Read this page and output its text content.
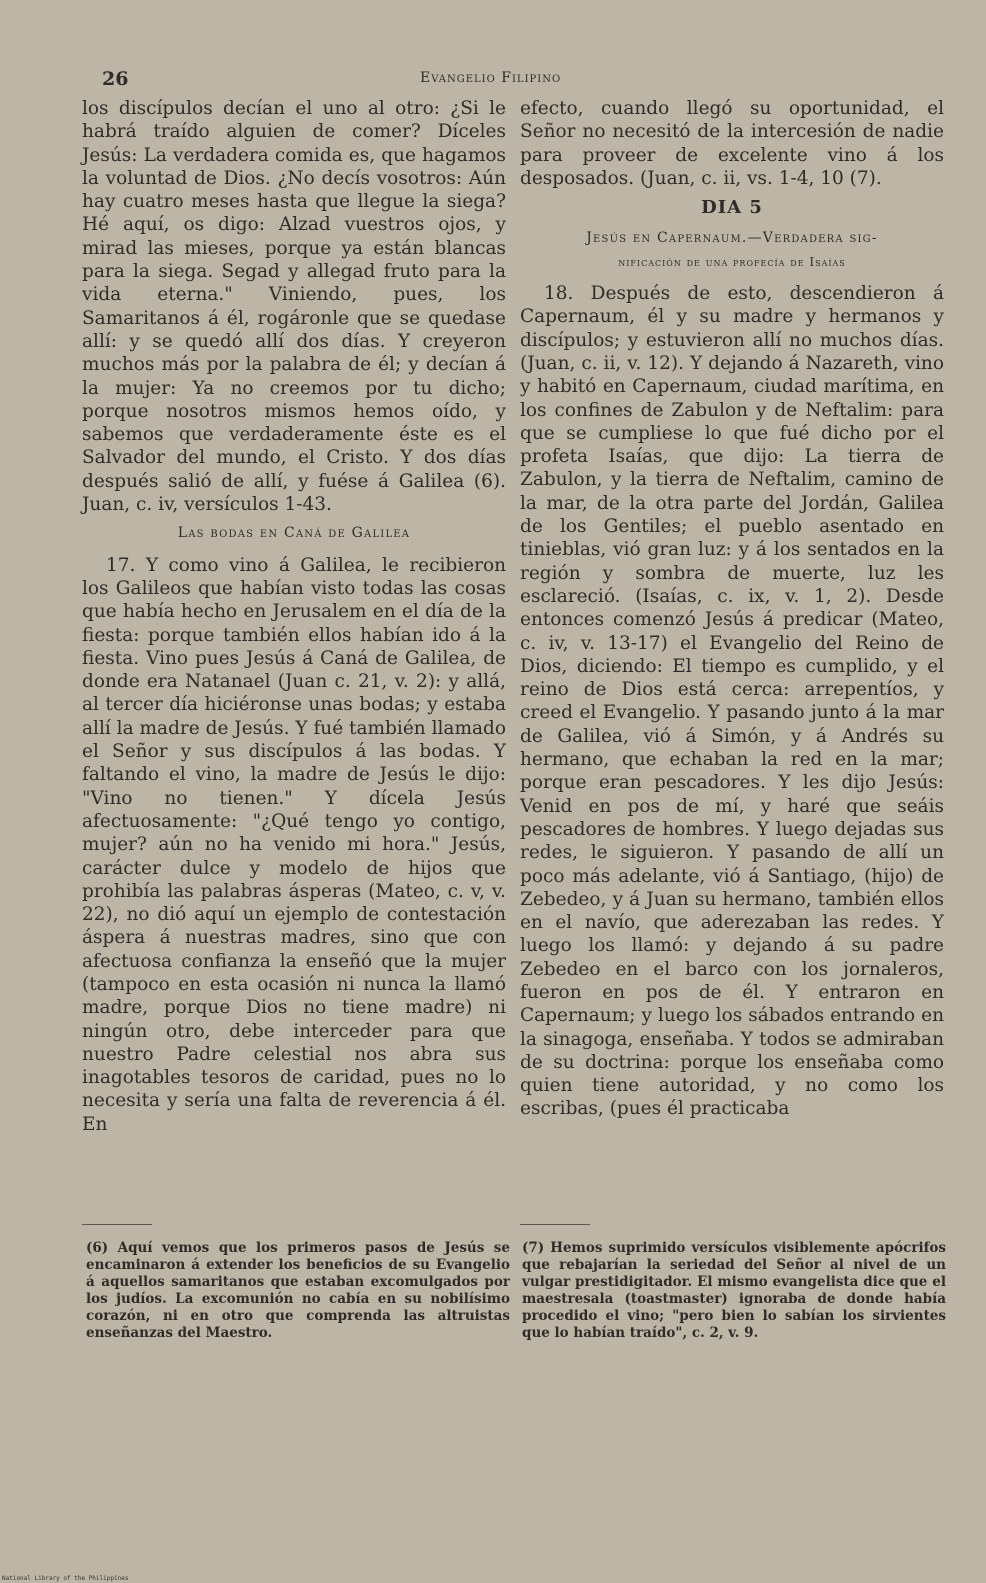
26	Evangelio Filipino

los discípulos decían el uno al otro: ¿Si le habrá traído alguien de comer? Díceles Jesús: La verdadera comida es, que hagamos la voluntad de Dios. ¿No decís vosotros: Aún hay cuatro meses hasta que llegue la siega? Hé aquí, os digo: Alzad vuestros ojos, y mirad las mieses, porque ya están blancas para la siega. Segad y allegad fruto para la vida eterna." Viniendo, pues, los Samaritanos á él, rogáronle que se quedase allí: y se quedó allí dos días. Y creyeron muchos más por la palabra de él; y decían á la mujer: Ya no creemos por tu dicho; porque nosotros mismos hemos oído, y sabemos que verdaderamente éste es el Salvador del mundo, el Cristo. Y dos días después salió de allí, y fuése á Galilea (6). Juan, c. iv, versículos 1-43.

Las bodas en Caná de Galilea

17. Y como vino á Galilea, le recibieron los Galileos que habían visto todas las cosas que había hecho en Jerusalem en el día de la fiesta: porque también ellos habían ido á la fiesta. Vino pues Jesús á Caná de Galilea, de donde era Natanael (Juan c. 21, v. 2): y allá, al tercer día hiciéronse unas bodas; y estaba allí la madre de Jesús. Y fué también llamado el Señor y sus discípulos á las bodas. Y faltando el vino, la madre de Jesús le dijo: "Vino no tienen." Y dícela Jesús afectuosamente: "¿Qué tengo yo contigo, mujer? aún no ha venido mi hora." Jesús, carácter dulce y modelo de hijos que prohibía las palabras ásperas (Mateo, c. v, v. 22), no dió aquí un ejemplo de contestación áspera á nuestras madres, sino que con afectuosa confianza la enseñó que la mujer (tampoco en esta ocasión ni nunca la llamó madre, porque Dios no tiene madre) ni ningún otro, debe interceder para que nuestro Padre celestial nos abra sus inagotables tesoros de caridad, pues no lo necesita y sería una falta de reverencia á él. En

efecto, cuando llegó su oportunidad, el Señor no necesitó de la intercesión de nadie para proveer de excelente vino á los desposados. (Juan, c. ii, vs. 1-4, 10 (7).

DIA 5
Jesús en Capernaum.—Verdadera sig-
nificación de una profecía de Isaías

18. Después de esto, descendieron á Capernaum, él y su madre y hermanos y discípulos; y estuvieron allí no muchos días. (Juan, c. ii, v. 12). Y dejando á Nazareth, vino y habitó en Capernaum, ciudad marítima, en los confines de Zabulon y de Neftalim: para que se cumpliese lo que fué dicho por el profeta Isaías, que dijo: La tierra de Zabulon, y la tierra de Neftalim, camino de la mar, de la otra parte del Jordán, Galilea de los Gentiles; el pueblo asentado en tinieblas, vió gran luz: y á los sentados en la región y sombra de muerte, luz les esclareció. (Isaías, c. ix, v. 1, 2). Desde entonces comenzó Jesús á predicar (Mateo, c. iv, v. 13-17) el Evangelio del Reino de Dios, diciendo: El tiempo es cumplido, y el reino de Dios está cerca: arrepentíos, y creed el Evangelio. Y pasando junto á la mar de Galilea, vió á Simón, y á Andrés su hermano, que echaban la red en la mar; porque eran pescadores. Y les dijo Jesús: Venid en pos de mí, y haré que seáis pescadores de hombres. Y luego dejadas sus redes, le siguieron. Y pasando de allí un poco más adelante, vió á Santiago, (hijo) de Zebedeo, y á Juan su hermano, también ellos en el navío, que aderezaban las redes. Y luego los llamó: y dejando á su padre Zebedeo en el barco con los jornaleros, fueron en pos de él. Y entraron en Capernaum; y luego los sábados entrando en la sinagoga, enseñaba. Y todos se admiraban de su doctrina: porque los enseñaba como quien tiene autoridad, y no como los escribas, (pues él practicaba

(6) Aquí vemos que los primeros pasos de Jesús se encaminaron á extender los beneficios de su Evangelio á aquellos samaritanos que estaban excomulgados por los judíos. La excomunión no cabía en su nobilísimo corazón, ni en otro que comprenda las altruistas enseñanzas del Maestro.
(7) Hemos suprimido versículos visiblemente apócrifos que rebajarían la seriedad del Señor al nivel de un vulgar prestidigitador. El mismo evangelista dice que el maestresala (toastmaster) ignoraba de donde había procedido el vino; "pero bien lo sabían los sirvientes que lo habían traído", c. 2, v. 9.
National Library of the Philippines
